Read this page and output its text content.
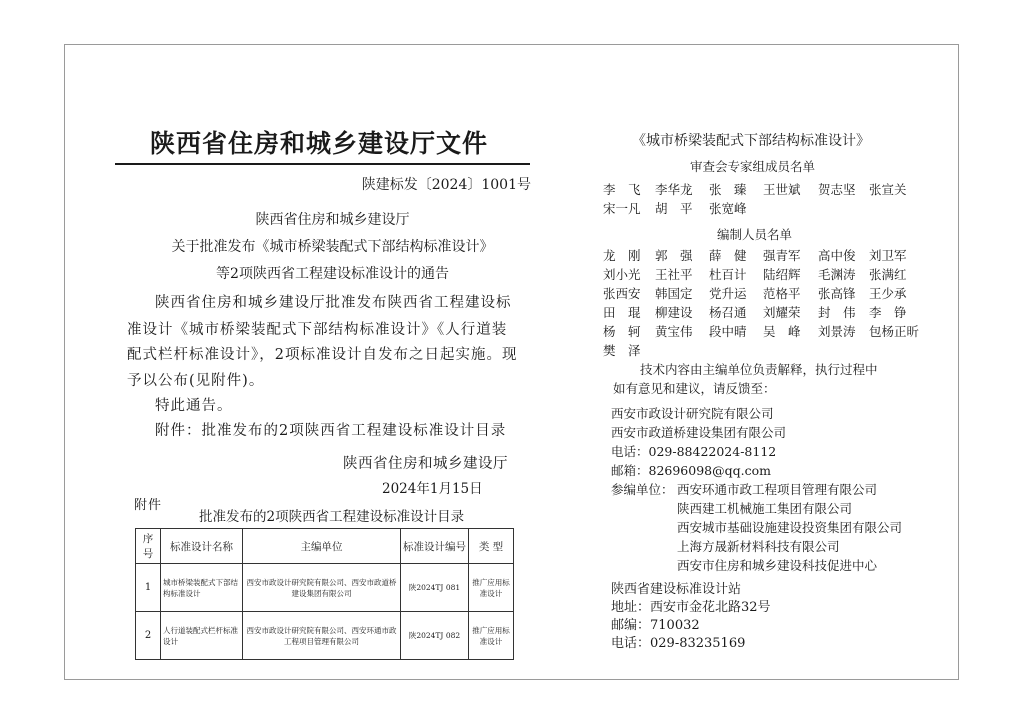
陕西省住房和城乡建设厅文件
陕建标发〔2024〕1001号
陕西省住房和城乡建设厅
关于批准发布《城市桥梁装配式下部结构标准设计》
等2项陕西省工程建设标准设计的通告
陕西省住房和城乡建设厅批准发布陕西省工程建设标
准设计《城市桥梁装配式下部结构标准设计》《人行道装
配式栏杆标准设计》，2项标准设计自发布之日起实施。现
予以公布(见附件)。
特此通告。
附件：批准发布的2项陕西省工程建设标准设计目录
陕西省住房和城乡建设厅
2024年1月15日
附件
批准发布的2项陕西省工程建设标准设计目录
序号	标准设计名称	主编单位	标准设计编号	类 型
1	城市桥梁装配式下部结构标准设计	西安市政设计研究院有限公司、西安市政道桥建设集团有限公司	陕2024TJ 081	推广应用标准设计
2	人行道装配式栏杆标准设计	西安市政设计研究院有限公司、西安环通市政工程项目管理有限公司	陕2024TJ 082	推广应用标准设计
《城市桥梁装配式下部结构标准设计》
审查会专家组成员名单
李　飞 李华龙 张　臻 王世斌 贺志坚 张宣关
宋一凡 胡　平 张宽峰
编制人员名单
龙　刚 郭　强 薛　健 强青军 高中俊 刘卫军
刘小光 王社平 杜百计 陆绍辉 毛渊涛 张满红
张西安 韩国定 党升运 范格平 张高锋 王少承
田　琨 柳建设 杨召通 刘耀荣 封　伟 李　铮
杨　轲 黄宝伟 段中晴 吴　峰 刘景涛 包杨正昕
樊　泽
技术内容由主编单位负责解释，执行过程中
如有意见和建议，请反馈至：
西安市政设计研究院有限公司
西安市政道桥建设集团有限公司
电话：029-88422024-8112
邮箱：82696098@qq.com
参编单位： 西安环通市政工程项目管理有限公司
陕西建工机械施工集团有限公司
西安城市基础设施建设投资集团有限公司
上海方晟新材料科技有限公司
西安市住房和城乡建设科技促进中心
陕西省建设标准设计站
地址：西安市金花北路32号
邮编：710032
电话：029-83235169
